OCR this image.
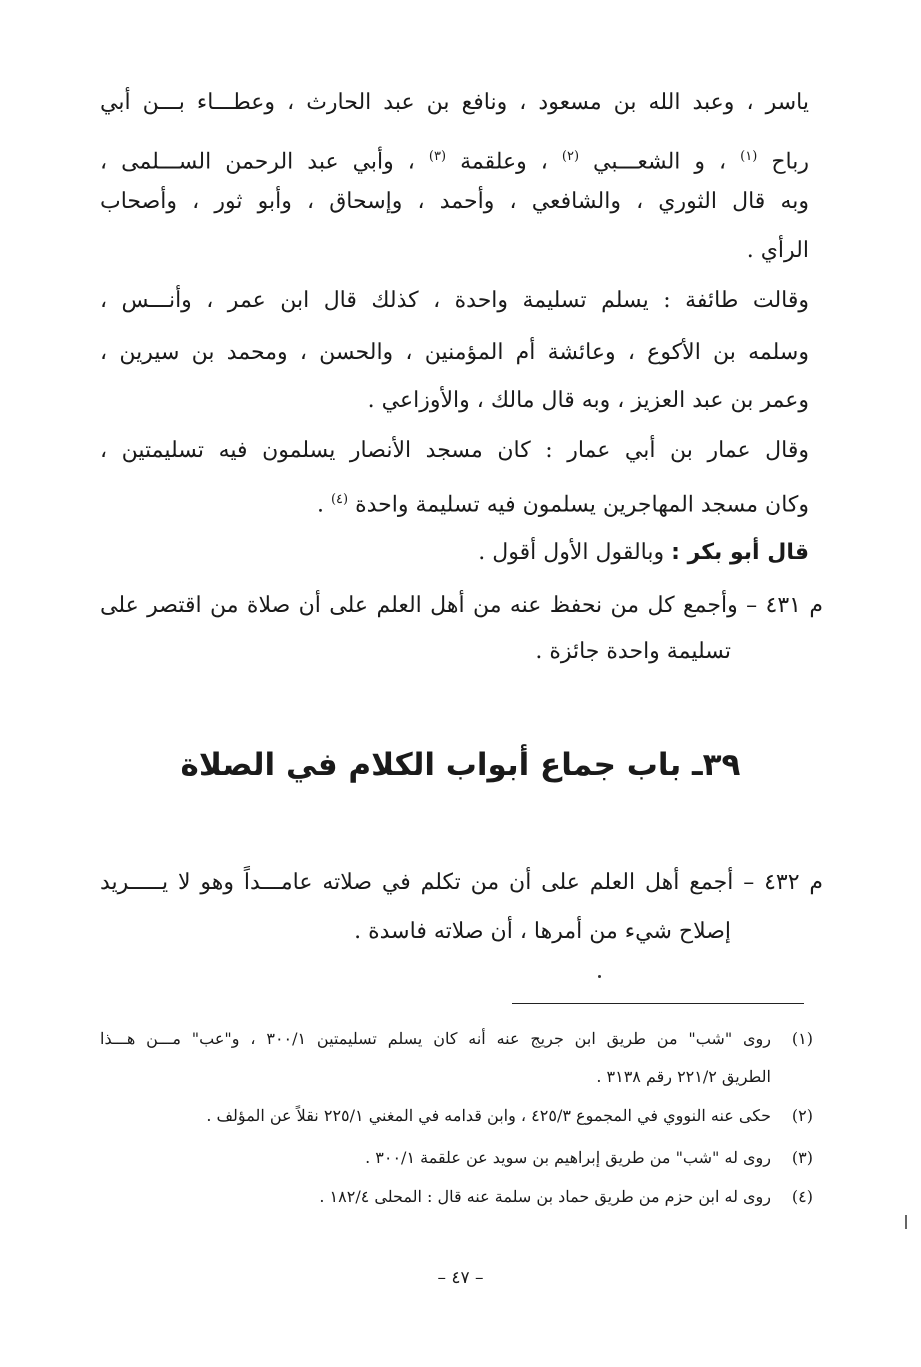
ياسر ، وعبد الله بن مسعود ، ونافع بن عبد الحارث ، وعطـــاء بـــن أبي
رباح $^{(١)}$ ، و الشعـــبي $^{(٢)}$ ، وعلقمة $^{(٣)}$ ، وأبي عبد الرحمن الســـلمى ،
وبه قال الثوري ، والشافعي ، وأحمد ، وإسحاق ، وأبو ثور ، وأصحاب
الرأي .
وقالت طائفة : يسلم تسليمة واحدة ، كذلك قال ابن عمر ، وأنـــس ،
وسلمه بن الأكوع ، وعائشة أم المؤمنين ، والحسن ، ومحمد بن سيرين ،
وعمر بن عبد العزيز ، وبه قال مالك ، والأوزاعي .
وقال عمار بن أبي عمار : كان مسجد الأنصار يسلمون فيه تسليمتين ،
وكان مسجد المهاجرين يسلمون فيه تسليمة واحدة $^{(٤)}$ .
قال أبو بكر : وبالقول الأول أقول .
م ٤٣١ – وأجمع كل من نحفظ عنه من أهل العلم على أن صلاة من اقتصر على
تسليمة واحدة جائزة .
٣٩ـ باب جماع أبواب الكلام في الصلاة
م ٤٣٢ – أجمع أهل العلم على أن من تكلم في صلاته عامـــداً وهو لا يـــــريد
إصلاح شيء من أمرها ، أن صلاته فاسدة .
(١)
روى "شب" من طريق ابن جريج عنه أنه كان يسلم تسليمتين ٣٠٠/١ ، و"عب" مـــن هـــذا
الطريق ٢٢١/٢ رقم ٣١٣٨ .
(٢)
حكى عنه النووي في المجموع ٤٢٥/٣ ، وابن قدامه في المغني ٢٢٥/١ نقلاً عن المؤلف .
(٣)
روى له "شب" من طريق إبراهيم بن سويد عن علقمة ٣٠٠/١ .
(٤)
روى له ابن حزم من طريق حماد بن سلمة عنه قال : المحلى ١٨٢/٤ .
– ٤٧ –
